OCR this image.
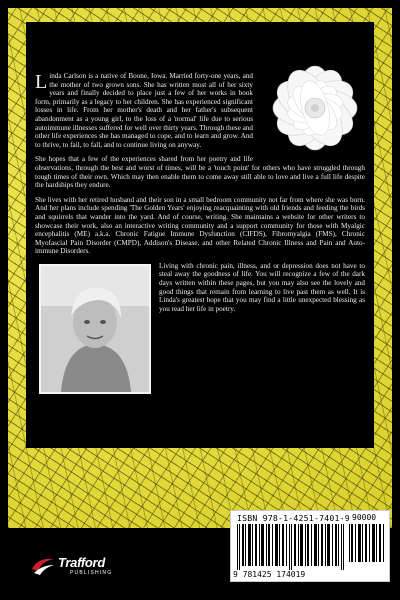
Linda Carlson is a native of Boone, Iowa. Married forty-one years, and the mother of two grown sons. She has written most all of her sixty years and finally decided to place just a few of her works in book form, primarily as a legacy to her children. She has experienced significant losses in life. From her mother's death and her father's subsequent abandonment as a young girl, to the loss of a 'normal' life due to serious autoimmune illnesses suffered for well over thirty years. Through these and other life experiences she has managed to cope, and to learn and grow. And to thrive, to fail, to fall, and to continue living on anyway.

She hopes that a few of the experiences shared from her poetry and life observations, through the best and worst of times, will be a 'touch point' for others who have struggled through tough times of their own. Which may then enable them to come away still able to love and live a full life despite the hardships they endure.

She lives with her retired husband and their son in a small bedroom community not far from where she was born. And her plans include spending 'The Golden Years' enjoying reacquainting with old friends and feeding the birds and squirrels that wander into the yard. And of course, writing. She maintains a website for other writers to showcase their work, also an interactive writing community and a support community for those with Myalgic encephalitis (ME) a.k.a. Chronic Fatigue Immune Dysfunction (CIFDS), Fibromyalgia (FMS), Chronic Myofascial Pain Disorder (CMPD), Addison's Disease, and other Related Chronic Illness and Pain and Auto-immune Disorders.

Living with chronic pain, illness, and or depression does not have to steal away the goodness of life. You will recognize a few of the dark days written within these pages, but you may also see the lovely and good things that remain from learning to live past them as well. It is Linda's greatest hope that you may find a little unexpected blessing as you read her life in poetry.

ISBN 978-1-4251-7401-9 90000
9 781425 174019
Trafford
PUBLISHING
